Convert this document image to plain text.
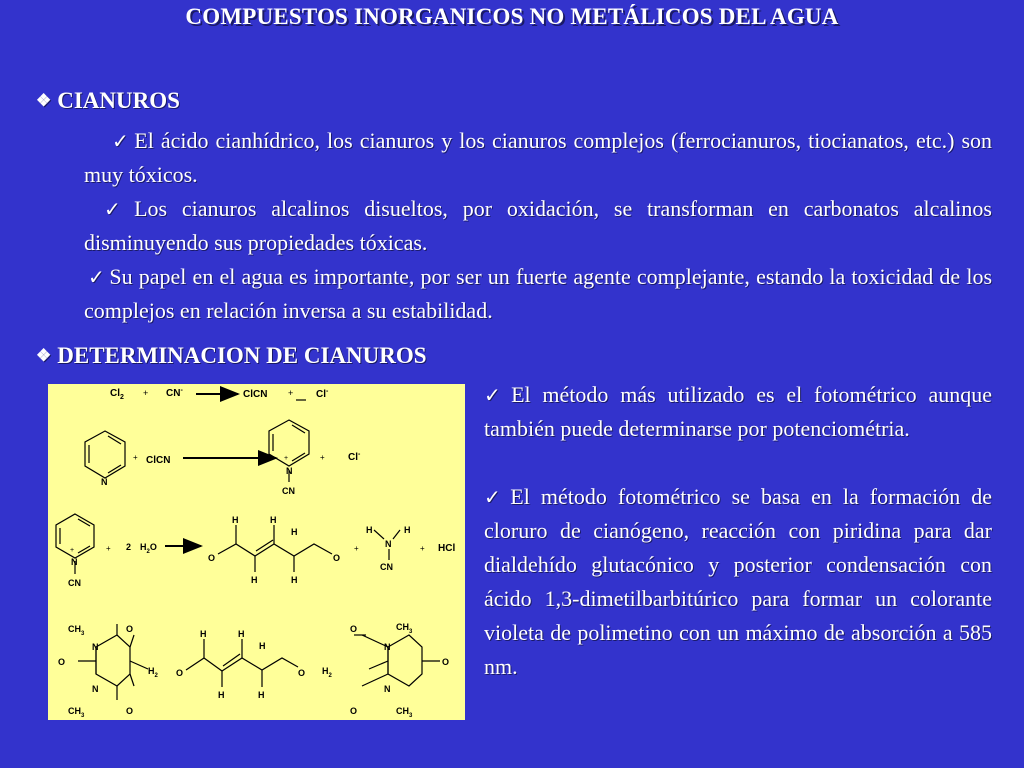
COMPUESTOS INORGANICOS NO METÁLICOS DEL AGUA
❖ CIANUROS
✓ El ácido cianhídrico, los cianuros y los cianuros complejos (ferrocianuros, tiocianatos, etc.) son muy tóxicos.
✓ Los cianuros alcalinos disueltos, por oxidación, se transforman en carbonatos alcalinos disminuyendo sus propiedades tóxicas.
✓ Su papel en el agua es importante, por ser un fuerte agente complejante, estando la toxicidad de los complejos en relación inversa a su estabilidad.
❖ DETERMINACION DE CIANUROS
✓ El método más utilizado es el fotométrico aunque también puede determinarse por potenciométria.
✓ El método fotométrico se basa en la formación de cloruro de cianógeno, reacción con piridina para dar dialdehído glutacónico y posterior condensación con ácido 1,3-dimetilbarbitúrico para formar un colorante violeta de polimetino con un máximo de absorción a 585 nm.
$Cl_2 + CN^-$	ClCN + Cl-
N
+ ClCN	+
N
CN
+ Cl-
+
N
CN
+ 2 $H_2O$
O	O
H	H
H
H	H
+
H	H
N
CN
+ HCl
$CH_3$
N
N
O
O
O
$CH_3$
$H_2$ O	O
H	H
H
H	H
O
O
$H_2$
N
N
O
$CH_3$
$CH_3$
